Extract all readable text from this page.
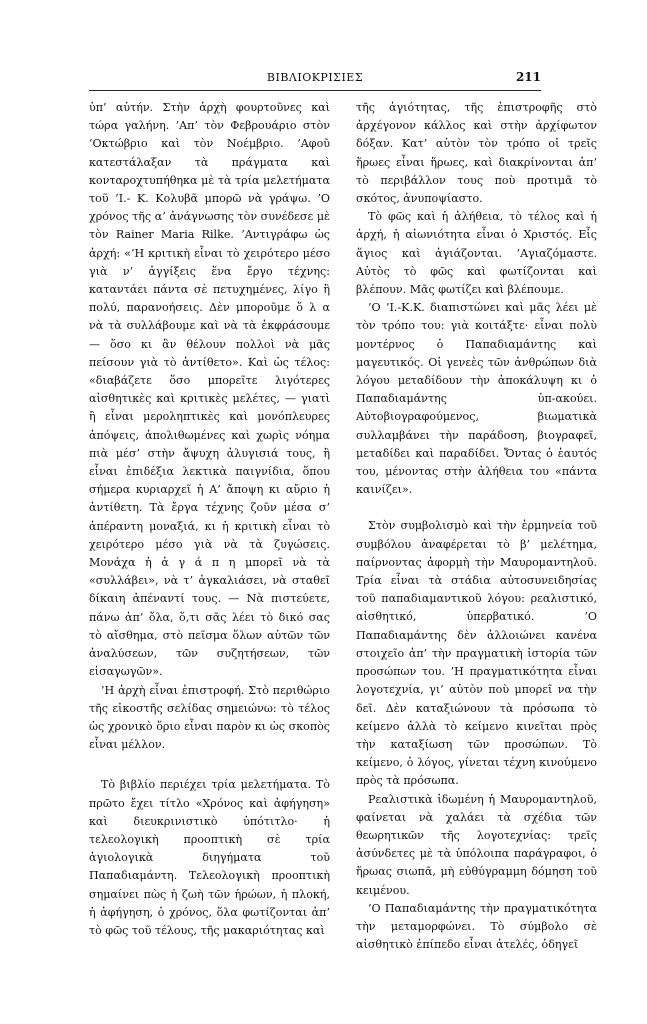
ΒΙΒΛΙΟΚΡΙΣΙΕΣ	211

ὑπ’ αὐτήν. Στὴν ἀρχὴ φουρτοῦνες καὶ τώρα γαλήνη. ’Απ’ τὸν Φεβρουάριο στὸν ’Οκτώβριο καὶ τὸν Νοέμβριο. ’Αφοῦ κατεστάλαξαν τὰ πράγματα καὶ κονταροχτυπήθηκα μὲ τὰ τρία μελετήματα τοῦ ’Ι.- Κ. Κολυβᾶ μπορῶ νὰ γράψω. ’Ο χρόνος τῆς α’ ἀνάγνωσης τὸν συνέδεσε μὲ τὸν Rainer Maria Rilke. ’Αντιγράφω ὡς ἀρχή: «’Η κριτικὴ εἶναι τὸ χειρότερο μέσο γιὰ ν’ ἀγγίξεις ἕνα ἔργο τέχνης: καταντάει πάντα σὲ πετυχημένες, λίγο ἢ πολύ, παρανοήσεις. Δὲν μποροῦμε ὅ λ α νὰ τὰ συλλάβουμε καὶ νὰ τὰ ἐκφράσουμε — ὅσο κι ἂν θέλουν πολλοὶ νὰ μᾶς πείσουν γιὰ τὸ ἀντίθετο». Καὶ ὡς τέλος: «διαβάζετε ὅσο μπορεῖτε λιγότερες αἰσθητικὲς καὶ κριτικὲς μελέτες, — γιατὶ ἢ εἶναι μεροληπτικὲς καὶ μονόπλευρες ἀπόψεις, ἀπολιθωμένες καὶ χωρὶς νόημα πιὰ μέσ’ στὴν ἄψυχη ἀλυγισιά τους, ἢ εἶναι ἐπιδέξια λεκτικὰ παιγνίδια, ὅπου σήμερα κυριαρχεῖ ἡ Α’ ἄποψη κι αὔριο ἡ ἀντίθετη. Τὰ ἔργα τέχνης ζοῦν μέσα σ’ ἀπέραντη μοναξιά, κι ἡ κριτικὴ εἶναι τὸ χειρότερο μέσο γιὰ νὰ τὰ ζυγώσεις. Μονάχα ἡ ἀ γ ά π η μπορεῖ νὰ τὰ «συλλάβει», νὰ τ’ ἀγκαλιάσει, νὰ σταθεῖ δίκαιη ἀπέναντί τους. — Νὰ πιστεύετε, πάνω ἀπ’ ὅλα, ὅ,τι σᾶς λέει τὸ δικό σας τὸ αἴσθημα, στὸ πεῖσμα ὅλων αὐτῶν τῶν ἀναλύσεων, τῶν συζητήσεων, τῶν εἰσαγωγῶν».

’Η ἀρχὴ εἶναι ἐπιστροφή. Στὸ περιθώριο τῆς εἰκοστῆς σελίδας σημειώνω: τὸ τέλος ὡς χρονικὸ ὅριο εἶναι παρὸν κι ὡς σκοπὸς εἶναι μέλλον.

Τὸ βιβλίο περιέχει τρία μελετήματα. Τὸ πρῶτο ἔχει τίτλο «Χρόνος καὶ ἀφήγηση» καὶ διευκρινιστικὸ ὑπότιτλο· ἡ τελεολογικὴ προοπτικὴ σὲ τρία ἁγιολογικὰ διηγήματα τοῦ Παπαδιαμάντη. Τελεολογικὴ προοπτικὴ σημαίνει πὼς ἡ ζωὴ τῶν ἡρώων, ἡ πλοκή, ἡ ἀφήγηση, ὁ χρόνος, ὅλα φωτίζονται ἀπ’ τὸ φῶς τοῦ τέλους, τῆς μακαριότητας καὶ

τῆς ἁγιότητας, τῆς ἐπιστροφῆς στὸ ἀρχέγονον κάλλος καὶ στὴν ἀρχίφωτον δόξαν. Κατ’ αὐτὸν τὸν τρόπο οἱ τρεῖς ἥρωες εἶναι ἥρωες, καὶ διακρίνονται ἀπ’ τὸ περιβάλλον τους ποὺ προτιμᾶ τὸ σκότος, ἀνυποψίαστο.

Τὸ φῶς καὶ ἡ ἀλήθεια, τὸ τέλος καὶ ἡ ἀρχή, ἡ αἰωνιότητα εἶναι ὁ Χριστός. Εἷς ἅγιος καὶ ἁγιάζονται. ’Αγιαζόμαστε. Αὐτὸς τὸ φῶς καὶ φωτίζονται καὶ βλέπουν. Μᾶς φωτίζει καὶ βλέπουμε.

’Ο ’Ι.-Κ.Κ. διαπιστώνει καὶ μᾶς λέει μὲ τὸν τρόπο του: γιὰ κοιτάξτε· εἶναι πολὺ μοντέρνος ὁ Παπαδιαμάντης καὶ μαγευτικός. Οἱ γενεὲς τῶν ἀνθρώπων διὰ λόγου μεταδίδουν τὴν ἀποκάλυψη κι ὁ Παπαδιαμάντης ὑπ-ακούει. Αὐτοβιογραφούμενος, βιωματικὰ συλλαμβάνει τὴν παράδοση, βιογραφεῖ, μεταδίδει καὶ παραδίδει. Ὄντας ὁ ἑαυτός του, μένοντας στὴν ἀλήθεια του «πάντα καινίζει».

Στὸν συμβολισμὸ καὶ τὴν ἑρμηνεία τοῦ συμβόλου ἀναφέρεται τὸ β’ μελέτημα, παίρνοντας ἀφορμὴ τὴν Μαυρομαντηλοῦ. Τρία εἶναι τὰ στάδια αὐτοσυνειδησίας τοῦ παπαδιαμαντικοῦ λόγου: ρεαλιστικό, αἰσθητικό, ὑπερβατικό. ’Ο Παπαδιαμάντης δὲν ἀλλοιώνει κανένα στοιχεῖο ἀπ’ τὴν πραγματικὴ ἱστορία τῶν προσώπων του. ’Η πραγματικότητα εἶναι λογοτεχνία, γι’ αὐτὸν ποὺ μπορεῖ να τὴν δεῖ. Δὲν καταξιώνουν τὰ πρόσωπα τὸ κείμενο ἀλλὰ τὸ κείμενο κινεῖται πρὸς τὴν καταξίωση τῶν προσώπων. Τὸ κείμενο, ὁ λόγος, γίνεται τέχνη κινούμενο πρὸς τὰ πρόσωπα.

Ρεαλιστικὰ ἰδωμένη ἡ Μαυρομαντηλοῦ, φαίνεται νὰ χαλάει τὰ σχέδια τῶν θεωρητικῶν τῆς λογοτεχνίας: τρεῖς ἀσύνδετες μὲ τὰ ὑπόλοιπα παράγραφοι, ὁ ἥρωας σιωπᾶ, μὴ εὐθύγραμμη δόμηση τοῦ κειμένου.

’Ο Παπαδιαμάντης τὴν πραγματικότητα τὴν μεταμορφώνει. Τὸ σύμβολο σὲ αἰσθητικὸ ἐπίπεδο εἶναι ἀτελές, ὁδηγεῖ
